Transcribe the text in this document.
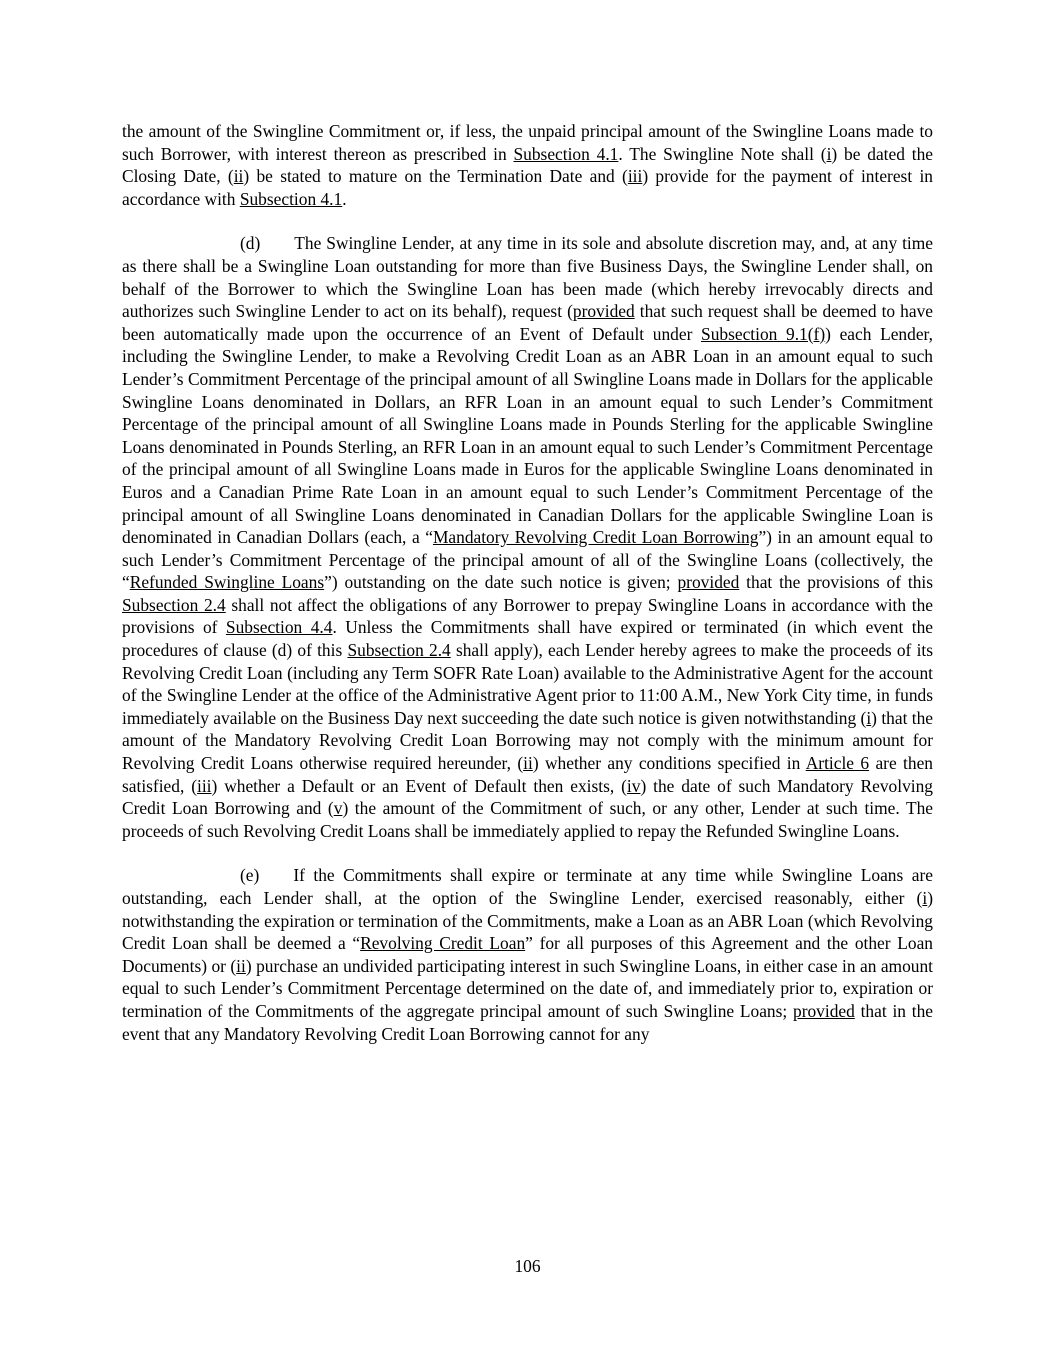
the amount of the Swingline Commitment or, if less, the unpaid principal amount of the Swingline Loans made to such Borrower, with interest thereon as prescribed in Subsection 4.1. The Swingline Note shall (i) be dated the Closing Date, (ii) be stated to mature on the Termination Date and (iii) provide for the payment of interest in accordance with Subsection 4.1.

(d) The Swingline Lender, at any time in its sole and absolute discretion may, and, at any time as there shall be a Swingline Loan outstanding for more than five Business Days, the Swingline Lender shall, on behalf of the Borrower to which the Swingline Loan has been made (which hereby irrevocably directs and authorizes such Swingline Lender to act on its behalf), request (provided that such request shall be deemed to have been automatically made upon the occurrence of an Event of Default under Subsection 9.1(f)) each Lender, including the Swingline Lender, to make a Revolving Credit Loan as an ABR Loan in an amount equal to such Lender’s Commitment Percentage of the principal amount of all Swingline Loans made in Dollars for the applicable Swingline Loans denominated in Dollars, an RFR Loan in an amount equal to such Lender’s Commitment Percentage of the principal amount of all Swingline Loans made in Pounds Sterling for the applicable Swingline Loans denominated in Pounds Sterling, an RFR Loan in an amount equal to such Lender’s Commitment Percentage of the principal amount of all Swingline Loans made in Euros for the applicable Swingline Loans denominated in Euros and a Canadian Prime Rate Loan in an amount equal to such Lender’s Commitment Percentage of the principal amount of all Swingline Loans denominated in Canadian Dollars for the applicable Swingline Loan is denominated in Canadian Dollars (each, a “Mandatory Revolving Credit Loan Borrowing”) in an amount equal to such Lender’s Commitment Percentage of the principal amount of all of the Swingline Loans (collectively, the “Refunded Swingline Loans”) outstanding on the date such notice is given; provided that the provisions of this Subsection 2.4 shall not affect the obligations of any Borrower to prepay Swingline Loans in accordance with the provisions of Subsection 4.4. Unless the Commitments shall have expired or terminated (in which event the procedures of clause (d) of this Subsection 2.4 shall apply), each Lender hereby agrees to make the proceeds of its Revolving Credit Loan (including any Term SOFR Rate Loan) available to the Administrative Agent for the account of the Swingline Lender at the office of the Administrative Agent prior to 11:00 A.M., New York City time, in funds immediately available on the Business Day next succeeding the date such notice is given notwithstanding (i) that the amount of the Mandatory Revolving Credit Loan Borrowing may not comply with the minimum amount for Revolving Credit Loans otherwise required hereunder, (ii) whether any conditions specified in Article 6 are then satisfied, (iii) whether a Default or an Event of Default then exists, (iv) the date of such Mandatory Revolving Credit Loan Borrowing and (v) the amount of the Commitment of such, or any other, Lender at such time. The proceeds of such Revolving Credit Loans shall be immediately applied to repay the Refunded Swingline Loans.

(e) If the Commitments shall expire or terminate at any time while Swingline Loans are outstanding, each Lender shall, at the option of the Swingline Lender, exercised reasonably, either (i) notwithstanding the expiration or termination of the Commitments, make a Loan as an ABR Loan (which Revolving Credit Loan shall be deemed a “Revolving Credit Loan” for all purposes of this Agreement and the other Loan Documents) or (ii) purchase an undivided participating interest in such Swingline Loans, in either case in an amount equal to such Lender’s Commitment Percentage determined on the date of, and immediately prior to, expiration or termination of the Commitments of the aggregate principal amount of such Swingline Loans; provided that in the event that any Mandatory Revolving Credit Loan Borrowing cannot for any

106
